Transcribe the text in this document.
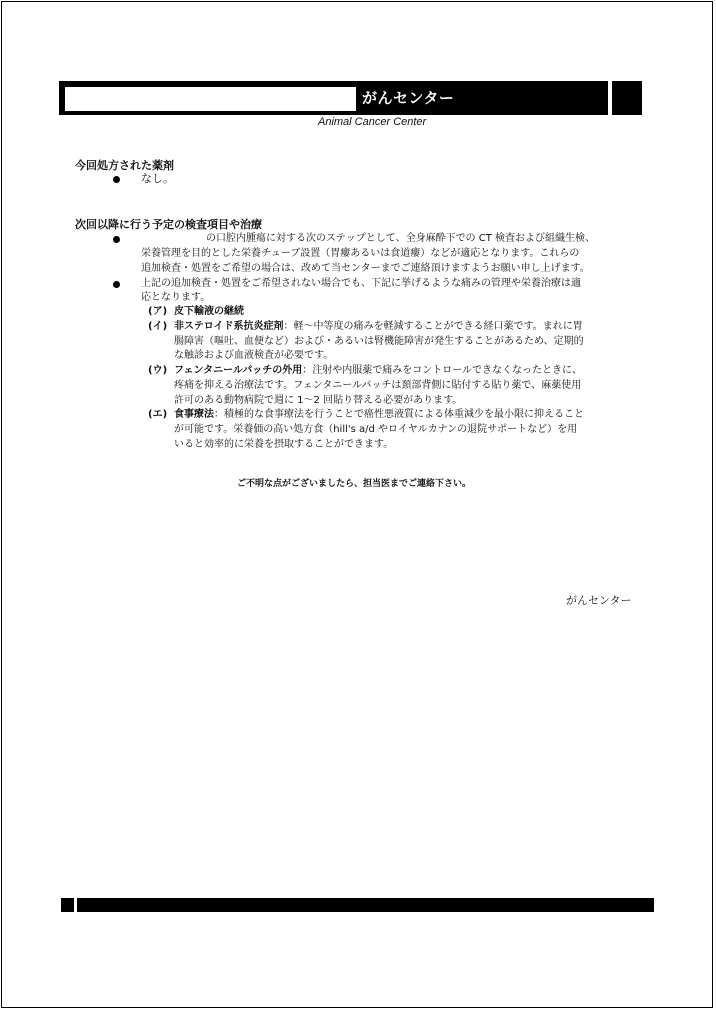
がんセンター
Animal Cancer Center
今回処方された薬剤
なし。
次回以降に行う予定の検査項目や治療
の口腔内腫瘍に対する次のステップとして、全身麻酔下での CT 検査および組織生検、
栄養管理を目的とした栄養チューブ設置（胃瘻あるいは食道瘻）などが適応となります。これらの
追加検査・処置をご希望の場合は、改めて当センターまでご連絡頂けますようお願い申し上げます。
上記の追加検査・処置をご希望されない場合でも、下記に挙げるような痛みの管理や栄養治療は適
応となります。
(ア) 皮下輸液の継続
(イ) 非ステロイド系抗炎症剤：軽～中等度の痛みを軽減することができる経口薬です。まれに胃
腸障害（嘔吐、血便など）および・あるいは腎機能障害が発生することがあるため、定期的
な触診および血液検査が必要です。
(ウ) フェンタニールパッチの外用：注射や内服薬で痛みをコントロールできなくなったときに、
疼痛を抑える治療法です。フェンタニールパッチは頚部背側に貼付する貼り薬で、麻薬使用
許可のある動物病院で週に 1～2 回貼り替える必要があります。
(エ) 食事療法：積極的な食事療法を行うことで癌性悪液質による体重減少を最小限に抑えること
が可能です。栄養価の高い処方食（hill's a/d やロイヤルカナンの退院サポートなど）を用
いると効率的に栄養を摂取することができます。
ご不明な点がございましたら、担当医までご連絡下さい。
がんセンター
